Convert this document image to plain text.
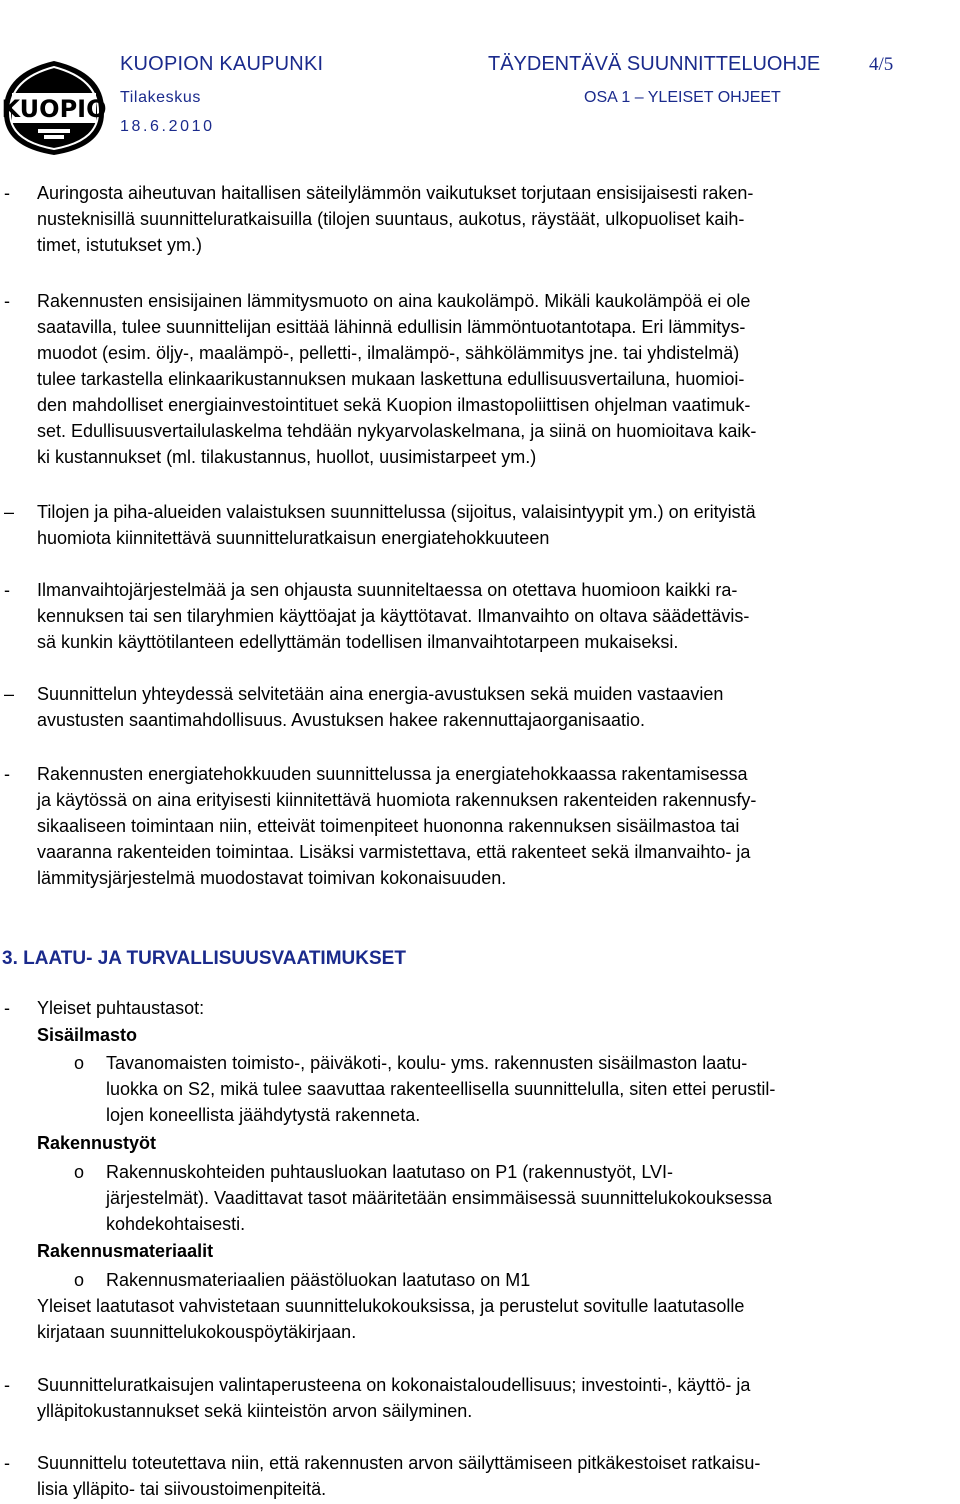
KUOPIO
KUOPION KAUPUNKI	TÄYDENTÄVÄ SUUNNITTELUOHJE	4/5
Tilakeskus	OSA 1 – YLEISET OHJEET
18.6.2010
- Auringosta aiheutuvan haitallisen säteilylämmön vaikutukset torjutaan ensisijaisesti raken-
nusteknisillä suunnitteluratkaisuilla (tilojen suuntaus, aukotus, räystäät, ulkopuoliset kaih-
timet, istutukset ym.)
- Rakennusten ensisijainen lämmitysmuoto on aina kaukolämpö. Mikäli kaukolämpöä ei ole
saatavilla, tulee suunnittelijan esittää lähinnä edullisin lämmöntuotantotapa. Eri lämmitys-
muodot (esim. öljy-, maalämpö-, pelletti-, ilmalämpö-, sähkölämmitys jne. tai yhdistelmä)
tulee tarkastella elinkaarikustannuksen mukaan laskettuna edullisuusvertailuna, huomioi-
den mahdolliset energiainvestointituet sekä Kuopion ilmastopoliittisen ohjelman vaatimuk-
set. Edullisuusvertailulaskelma tehdään nykyarvolaskelmana, ja siinä on huomioitava kaik-
ki kustannukset (ml. tilakustannus, huollot, uusimistarpeet ym.)
– Tilojen ja piha-alueiden valaistuksen suunnittelussa (sijoitus, valaisintyypit ym.) on erityistä
huomiota kiinnitettävä suunnitteluratkaisun energiatehokkuuteen
- Ilmanvaihtojärjestelmää ja sen ohjausta suunniteltaessa on otettava huomioon kaikki ra-
kennuksen tai sen tilaryhmien käyttöajat ja käyttötavat. Ilmanvaihto on oltava säädettävis-
sä kunkin käyttötilanteen edellyttämän todellisen ilmanvaihtotarpeen mukaiseksi.
– Suunnittelun yhteydessä selvitetään aina energia-avustuksen sekä muiden vastaavien
avustusten saantimahdollisuus. Avustuksen hakee rakennuttajaorganisaatio.
- Rakennusten energiatehokkuuden suunnittelussa ja energiatehokkaassa rakentamisessa
ja käytössä on aina erityisesti kiinnitettävä huomiota rakennuksen rakenteiden rakennusfy-
sikaaliseen toimintaan niin, etteivät toimenpiteet huononna rakennuksen sisäilmastoa tai
vaaranna rakenteiden toimintaa. Lisäksi varmistettava, että rakenteet sekä ilmanvaihto- ja
lämmitysjärjestelmä muodostavat toimivan kokonaisuuden.
3. LAATU- JA TURVALLISUUSVAATIMUKSET
- Yleiset puhtaustasot:
Sisäilmasto
o Tavanomaisten toimisto-, päiväkoti-, koulu- yms. rakennusten sisäilmaston laatu-
luokka on S2, mikä tulee saavuttaa rakenteellisella suunnittelulla, siten ettei perustil-
lojen koneellista jäähdytystä rakenneta.
Rakennustyöt
o Rakennuskohteiden puhtausluokan laatutaso on P1 (rakennustyöt, LVI-
järjestelmät). Vaadittavat tasot määritetään ensimmäisessä suunnittelukokouksessa
kohdekohtaisesti.
Rakennusmateriaalit
o Rakennusmateriaalien päästöluokan laatutaso on M1
Yleiset laatutasot vahvistetaan suunnittelukokouksissa, ja perustelut sovitulle laatutasolle
kirjataan suunnittelukokouspöytäkirjaan.
- Suunnitteluratkaisujen valintaperusteena on kokonaistaloudellisuus; investointi-, käyttö- ja
ylläpitokustannukset sekä kiinteistön arvon säilyminen.
- Suunnittelu toteutettava niin, että rakennusten arvon säilyttämiseen pitkäkestoiset ratkaisu-
lisia ylläpito- tai siivoustoimenpiteitä.
